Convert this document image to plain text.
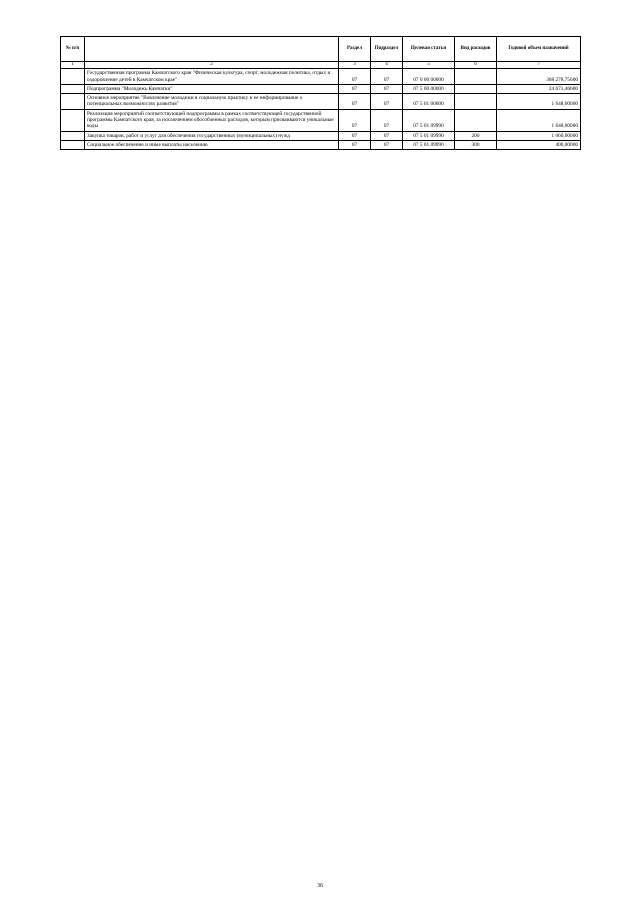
№ п/п		Раздел	Подраздел	Целевая статья	Вид расходов	Годовой объем назначений
1	2	3	4	5	6	7
	Государственная программа Камчатского края "Физическая культура, спорт, молодежная политика, отдых и оздоровление детей в Камчатском крае"	07	07	07 0 00 00000		368 278,75600
	Подпрограмма "Молодежь Камчатки"	07	07	07 5 00 00000		24 671,46600
	Основное мероприятие "Вовлечение молодежи в социальную практику и ее информирование о потенциальных возможностях развития"	07	07	07 5 01 00000		1 648,00000
	Реализация мероприятий соответствующей подпрограммы в рамках соответствующей государственной программы Камчатского края, за исключением обособленных расходов, которым присваиваются уникальные коды	07	07	07 5 01 09990		1 648,00000
	Закупка товаров, работ и услуг для обеспечения государственных (муниципальных) нужд	07	07	07 5 01 09990	200	1 060,00000
	Социальное обеспечение и иные выплаты населению	07	07	07 5 01 09990	300	400,00000
36
